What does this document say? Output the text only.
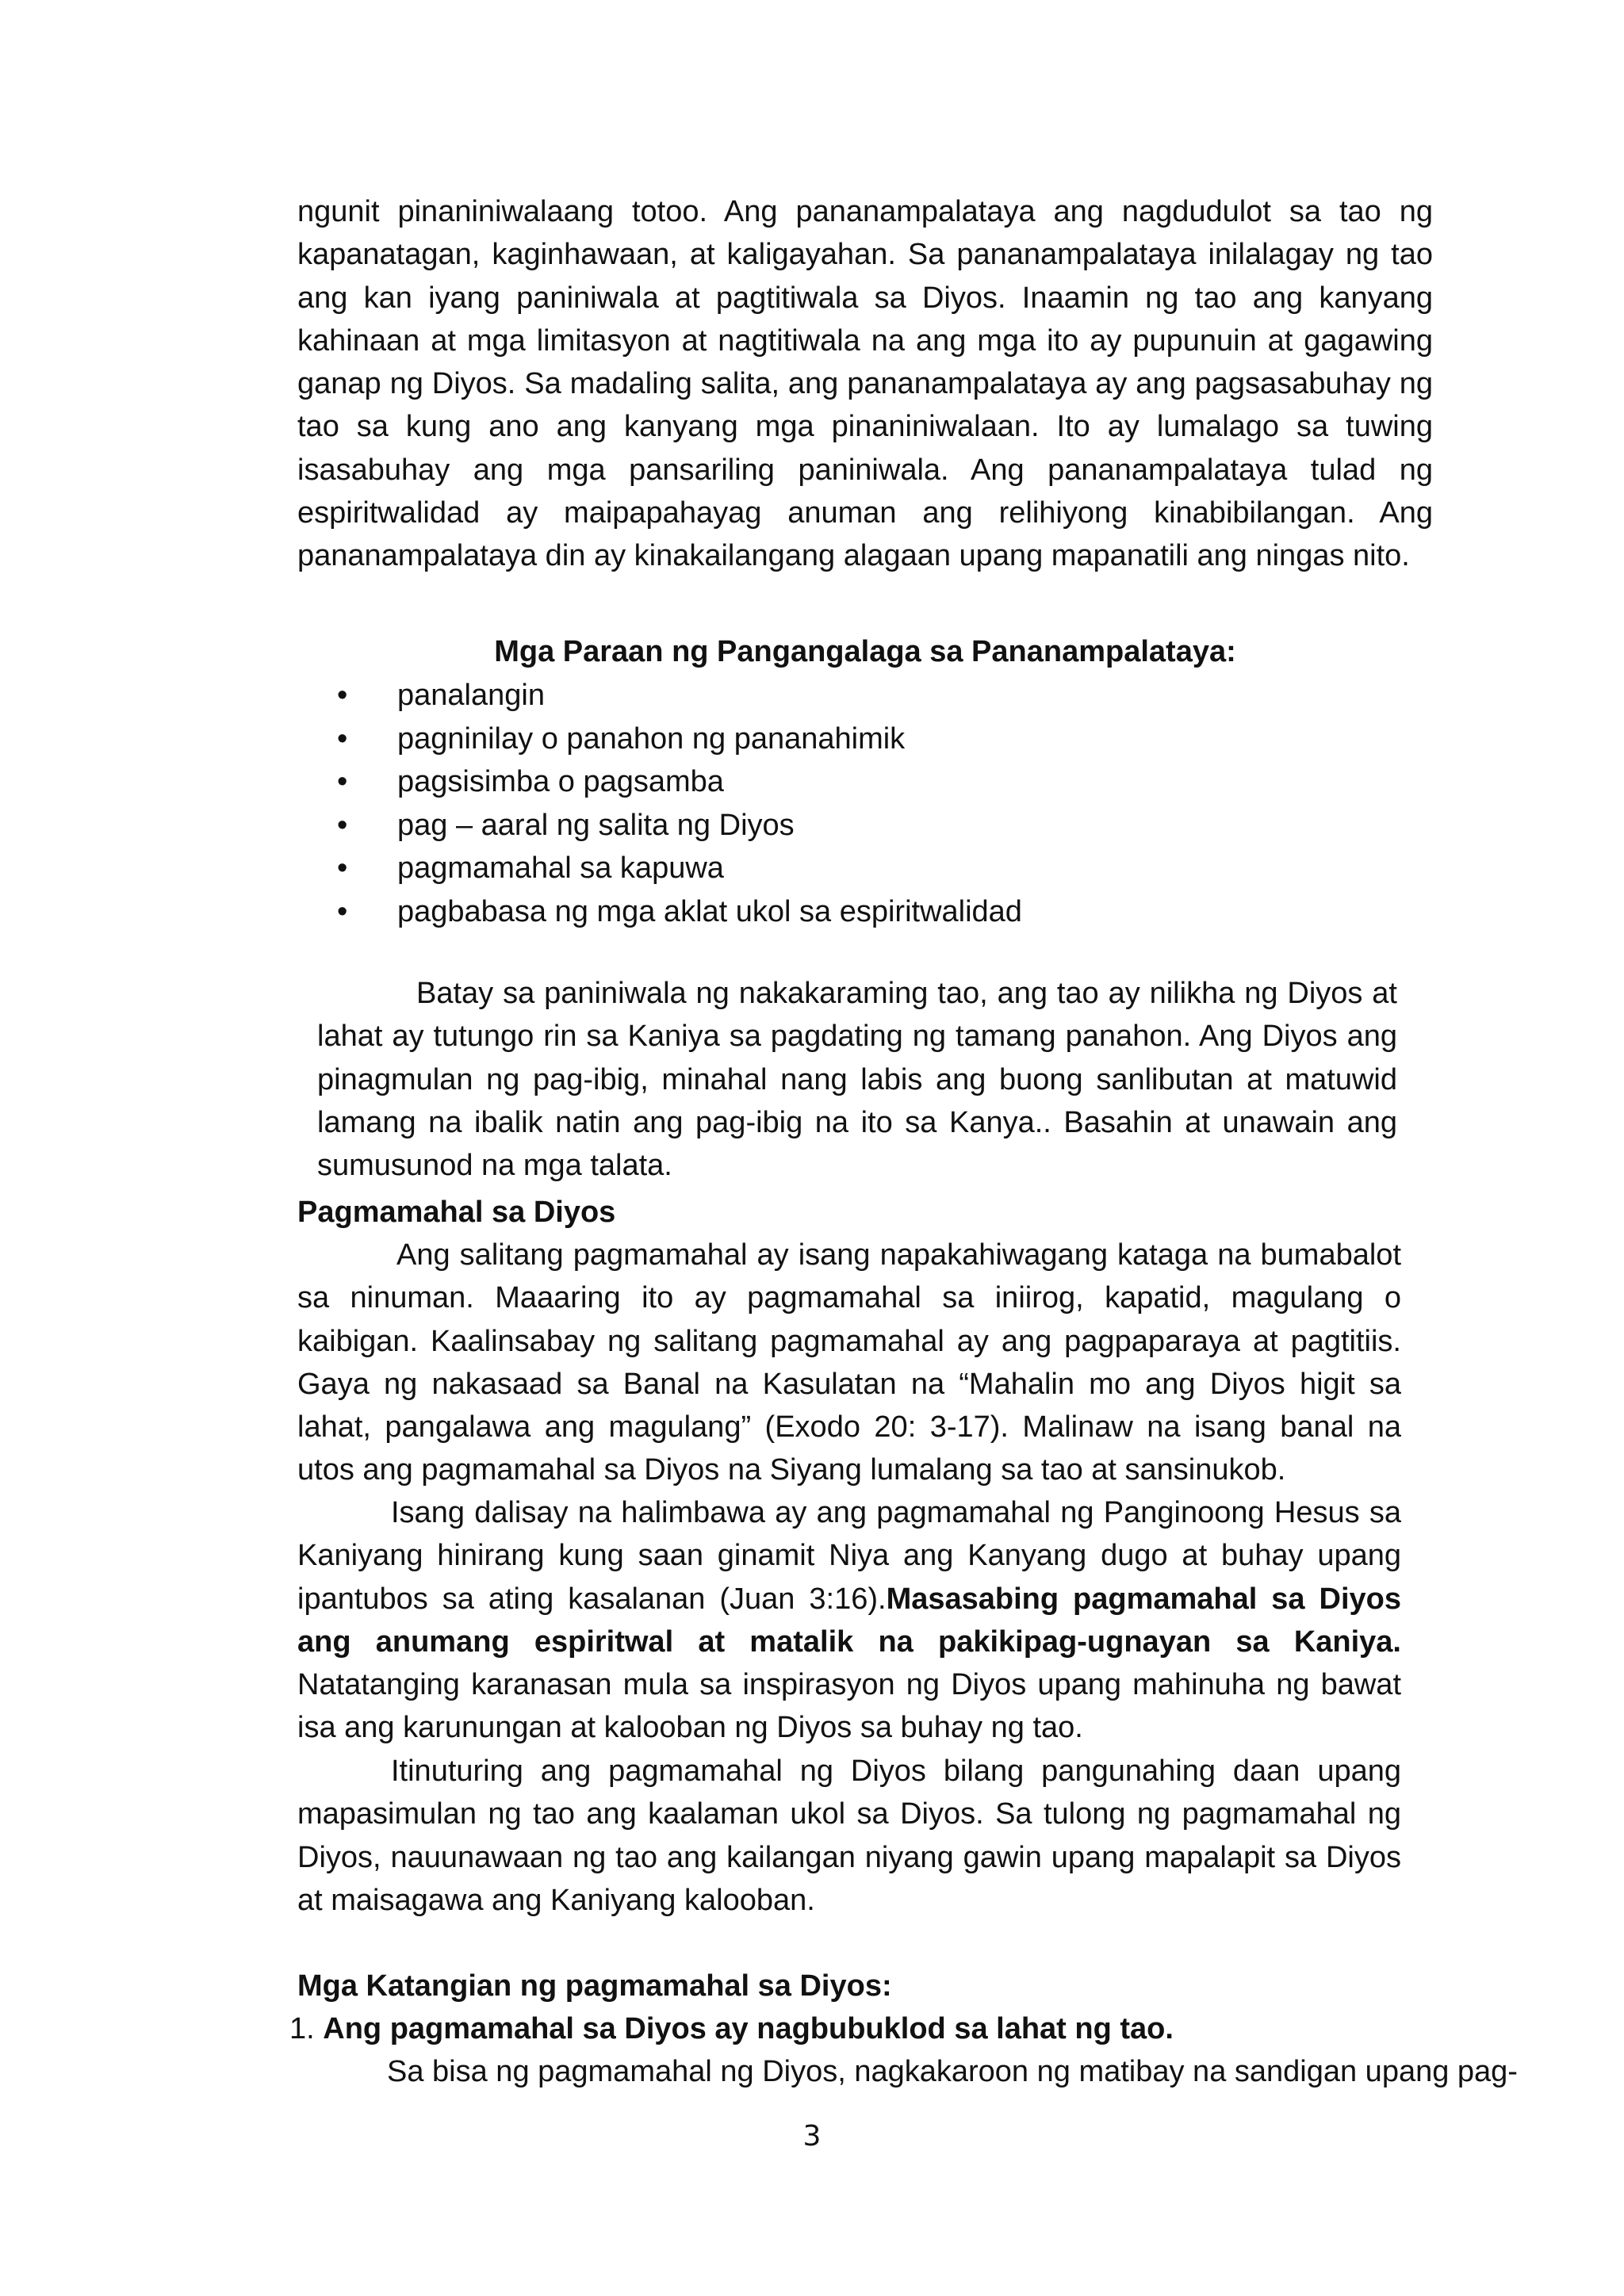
ngunit pinaniniwalaang totoo. Ang pananampalataya ang nagdudulot sa tao ng kapanatagan, kaginhawaan, at kaligayahan. Sa pananampalataya inilalagay ng tao ang kan iyang paniniwala at pagtitiwala sa Diyos. Inaamin ng tao ang kanyang kahinaan at mga limitasyon at nagtitiwala na ang mga ito ay pupunuin at gagawing ganap ng Diyos. Sa madaling salita, ang pananampalataya ay ang pagsasabuhay ng tao sa kung ano ang kanyang mga pinaniniwalaan. Ito ay lumalago sa tuwing isasabuhay ang mga pansariling paniniwala. Ang pananampalataya tulad ng espiritwalidad ay maipapahayag anuman ang relihiyong kinabibilangan. Ang pananampalataya din ay kinakailangang alagaan upang mapanatili ang ningas nito.

Mga Paraan ng Pangangalaga sa Pananampalataya:

• panalangin
• pagninilay o panahon ng pananahimik
• pagsisimba o pagsamba
• pag – aaral ng salita ng Diyos
• pagmamahal sa kapuwa
• pagbabasa ng mga aklat ukol sa espiritwalidad

Batay sa paniniwala ng nakakaraming tao, ang tao ay nilikha ng Diyos at lahat ay tutungo rin sa Kaniya sa pagdating ng tamang panahon. Ang Diyos ang pinagmulan ng pag-ibig, minahal nang labis ang buong sanlibutan at matuwid lamang na ibalik natin ang pag-ibig na ito sa Kanya.. Basahin at unawain ang sumusunod na mga talata.

Pagmamahal sa Diyos

Ang salitang pagmamahal ay isang napakahiwagang kataga na bumabalot sa ninuman. Maaaring ito ay pagmamahal sa iniirog, kapatid, magulang o kaibigan. Kaalinsabay ng salitang pagmamahal ay ang pagpaparaya at pagtitiis. Gaya ng nakasaad sa Banal na Kasulatan na “Mahalin mo ang Diyos higit sa lahat, pangalawa ang magulang” (Exodo 20: 3-17). Malinaw na isang banal na utos ang pagmamahal sa Diyos na Siyang lumalang sa tao at sansinukob.

Isang dalisay na halimbawa ay ang pagmamahal ng Panginoong Hesus sa Kaniyang hinirang kung saan ginamit Niya ang Kanyang dugo at buhay upang ipantubos sa ating kasalanan (Juan 3:16).Masasabing pagmamahal sa Diyos ang anumang espiritwal at matalik na pakikipag-ugnayan sa Kaniya. Natatanging karanasan mula sa inspirasyon ng Diyos upang mahinuha ng bawat isa ang karunungan at kalooban ng Diyos sa buhay ng tao.

Itinuturing ang pagmamahal ng Diyos bilang pangunahing daan upang mapasimulan ng tao ang kaalaman ukol sa Diyos. Sa tulong ng pagmamahal ng Diyos, nauunawaan ng tao ang kailangan niyang gawin upang mapalapit sa Diyos at maisagawa ang Kaniyang kalooban.

Mga Katangian ng pagmamahal sa Diyos:

1. Ang pagmamahal sa Diyos ay nagbubuklod sa lahat ng tao.

Sa bisa ng pagmamahal ng Diyos, nagkakaroon ng matibay na sandigan upang pag-

3
